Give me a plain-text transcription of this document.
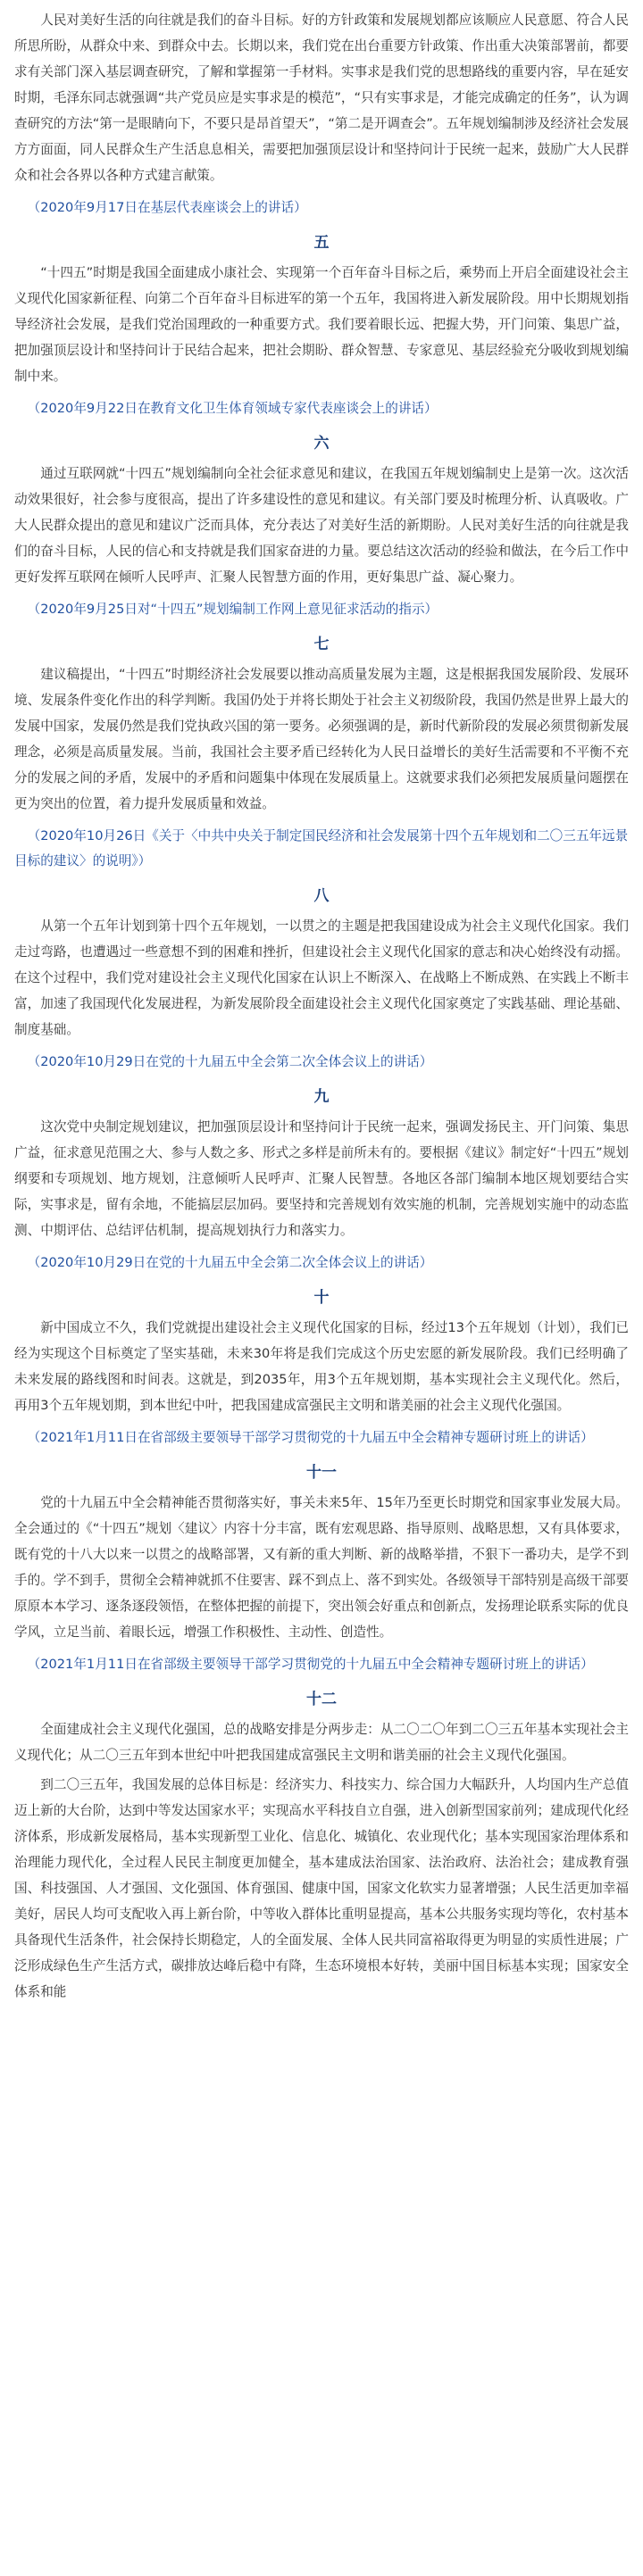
人民对美好生活的向往就是我们的奋斗目标。好的方针政策和发展规划都应该顺应人民意愿、符合人民所思所盼，从群众中来、到群众中去。长期以来，我们党在出台重要方针政策、作出重大决策部署前，都要求有关部门深入基层调查研究，了解和掌握第一手材料。实事求是我们党的思想路线的重要内容，早在延安时期，毛泽东同志就强调“共产党员应是实事求是的模范”，“只有实事求是，才能完成确定的任务”，认为调查研究的方法“第一是眼睛向下，不要只是昂首望天”，“第二是开调查会”。五年规划编制涉及经济社会发展方方面面，同人民群众生产生活息息相关，需要把加强顶层设计和坚持问计于民统一起来，鼓励广大人民群众和社会各界以各种方式建言献策。

（2020年9月17日在基层代表座谈会上的讲话）

五

“十四五”时期是我国全面建成小康社会、实现第一个百年奋斗目标之后，乘势而上开启全面建设社会主义现代化国家新征程、向第二个百年奋斗目标进军的第一个五年，我国将进入新发展阶段。用中长期规划指导经济社会发展，是我们党治国理政的一种重要方式。我们要着眼长远、把握大势，开门问策、集思广益，把加强顶层设计和坚持问计于民结合起来，把社会期盼、群众智慧、专家意见、基层经验充分吸收到规划编制中来。

（2020年9月22日在教育文化卫生体育领域专家代表座谈会上的讲话）

六

通过互联网就“十四五”规划编制向全社会征求意见和建议，在我国五年规划编制史上是第一次。这次活动效果很好，社会参与度很高，提出了许多建设性的意见和建议。有关部门要及时梳理分析、认真吸收。广大人民群众提出的意见和建议广泛而具体，充分表达了对美好生活的新期盼。人民对美好生活的向往就是我们的奋斗目标，人民的信心和支持就是我们国家奋进的力量。要总结这次活动的经验和做法，在今后工作中更好发挥互联网在倾听人民呼声、汇聚人民智慧方面的作用，更好集思广益、凝心聚力。

（2020年9月25日对“十四五”规划编制工作网上意见征求活动的指示）

七

建议稿提出，“十四五”时期经济社会发展要以推动高质量发展为主题，这是根据我国发展阶段、发展环境、发展条件变化作出的科学判断。我国仍处于并将长期处于社会主义初级阶段，我国仍然是世界上最大的发展中国家，发展仍然是我们党执政兴国的第一要务。必须强调的是，新时代新阶段的发展必须贯彻新发展理念，必须是高质量发展。当前，我国社会主要矛盾已经转化为人民日益增长的美好生活需要和不平衡不充分的发展之间的矛盾，发展中的矛盾和问题集中体现在发展质量上。这就要求我们必须把发展质量问题摆在更为突出的位置，着力提升发展质量和效益。

（2020年10月26日《关于〈中共中央关于制定国民经济和社会发展第十四个五年规划和二〇三五年远景目标的建议〉的说明》）

八

从第一个五年计划到第十四个五年规划，一以贯之的主题是把我国建设成为社会主义现代化国家。我们走过弯路，也遭遇过一些意想不到的困难和挫折，但建设社会主义现代化国家的意志和决心始终没有动摇。在这个过程中，我们党对建设社会主义现代化国家在认识上不断深入、在战略上不断成熟、在实践上不断丰富，加速了我国现代化发展进程，为新发展阶段全面建设社会主义现代化国家奠定了实践基础、理论基础、制度基础。

（2020年10月29日在党的十九届五中全会第二次全体会议上的讲话）

九

这次党中央制定规划建议，把加强顶层设计和坚持问计于民统一起来，强调发扬民主、开门问策、集思广益，征求意见范围之大、参与人数之多、形式之多样是前所未有的。要根据《建议》制定好“十四五”规划纲要和专项规划、地方规划，注意倾听人民呼声、汇聚人民智慧。各地区各部门编制本地区规划要结合实际，实事求是，留有余地，不能搞层层加码。要坚持和完善规划有效实施的机制，完善规划实施中的动态监测、中期评估、总结评估机制，提高规划执行力和落实力。

（2020年10月29日在党的十九届五中全会第二次全体会议上的讲话）

十

新中国成立不久，我们党就提出建设社会主义现代化国家的目标，经过13个五年规划（计划），我们已经为实现这个目标奠定了坚实基础，未来30年将是我们完成这个历史宏愿的新发展阶段。我们已经明确了未来发展的路线图和时间表。这就是，到2035年，用3个五年规划期，基本实现社会主义现代化。然后，再用3个五年规划期，到本世纪中叶，把我国建成富强民主文明和谐美丽的社会主义现代化强国。

（2021年1月11日在省部级主要领导干部学习贯彻党的十九届五中全会精神专题研讨班上的讲话）

十一

党的十九届五中全会精神能否贯彻落实好，事关未来5年、15年乃至更长时期党和国家事业发展大局。全会通过的《“十四五”规划〈建议〉内容十分丰富，既有宏观思路、指导原则、战略思想，又有具体要求，既有党的十八大以来一以贯之的战略部署，又有新的重大判断、新的战略举措，不狠下一番功夫，是学不到手的。学不到手，贯彻全会精神就抓不住要害、踩不到点上、落不到实处。各级领导干部特别是高级干部要原原本本学习、逐条逐段领悟，在整体把握的前提下，突出领会好重点和创新点，发扬理论联系实际的优良学风，立足当前、着眼长远，增强工作积极性、主动性、创造性。

（2021年1月11日在省部级主要领导干部学习贯彻党的十九届五中全会精神专题研讨班上的讲话）

十二

全面建成社会主义现代化强国，总的战略安排是分两步走：从二〇二〇年到二〇三五年基本实现社会主义现代化；从二〇三五年到本世纪中叶把我国建成富强民主文明和谐美丽的社会主义现代化强国。

到二〇三五年，我国发展的总体目标是：经济实力、科技实力、综合国力大幅跃升，人均国内生产总值迈上新的大台阶，达到中等发达国家水平；实现高水平科技自立自强，进入创新型国家前列；建成现代化经济体系，形成新发展格局，基本实现新型工业化、信息化、城镇化、农业现代化；基本实现国家治理体系和治理能力现代化，全过程人民民主制度更加健全，基本建成法治国家、法治政府、法治社会；建成教育强国、科技强国、人才强国、文化强国、体育强国、健康中国，国家文化软实力显著增强；人民生活更加幸福美好，居民人均可支配收入再上新台阶，中等收入群体比重明显提高，基本公共服务实现均等化，农村基本具备现代生活条件，社会保持长期稳定，人的全面发展、全体人民共同富裕取得更为明显的实质性进展；广泛形成绿色生产生活方式，碳排放达峰后稳中有降，生态环境根本好转，美丽中国目标基本实现；国家安全体系和能
